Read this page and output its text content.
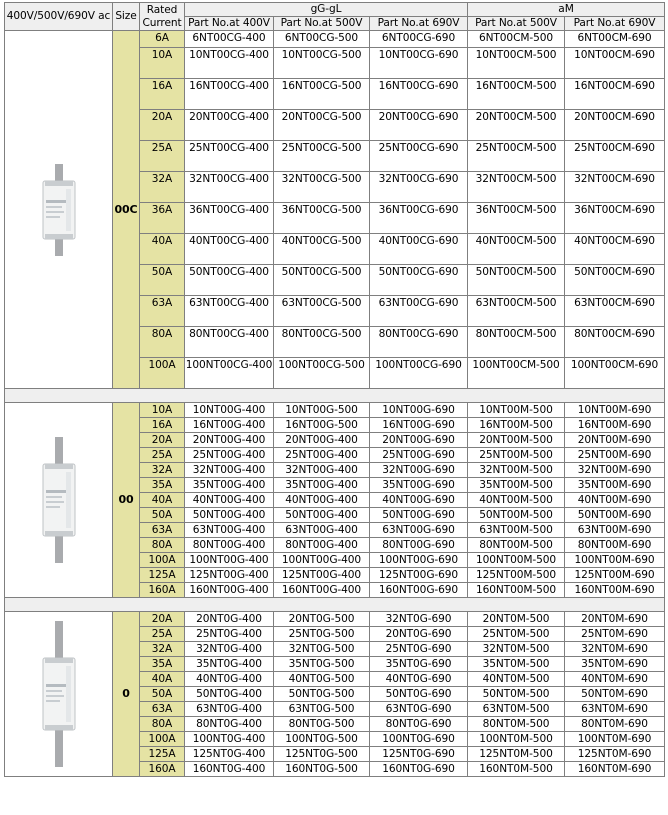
400V/500V/690V ac	Size	Rated Current	gG-gL			aM	
			Part No.at 400V	Part No.at 500V	Part No.at 690V	Part No.at 500V	Part No.at 690V

	00C	6A	6NT00CG-400	6NT00CG-500	6NT00CG-690	6NT00CM-500	6NT00CM-690
		10A	10NT00CG-400	10NT00CG-500	10NT00CG-690	10NT00CM-500	10NT00CM-690
		16A	16NT00CG-400	16NT00CG-500	16NT00CG-690	16NT00CM-500	16NT00CM-690
		20A	20NT00CG-400	20NT00CG-500	20NT00CG-690	20NT00CM-500	20NT00CM-690
		25A	25NT00CG-400	25NT00CG-500	25NT00CG-690	25NT00CM-500	25NT00CM-690
		32A	32NT00CG-400	32NT00CG-500	32NT00CG-690	32NT00CM-500	32NT00CM-690
		36A	36NT00CG-400	36NT00CG-500	36NT00CG-690	36NT00CM-500	36NT00CM-690
		40A	40NT00CG-400	40NT00CG-500	40NT00CG-690	40NT00CM-500	40NT00CM-690
		50A	50NT00CG-400	50NT00CG-500	50NT00CG-690	50NT00CM-500	50NT00CM-690
		63A	63NT00CG-400	63NT00CG-500	63NT00CG-690	63NT00CM-500	63NT00CM-690
		80A	80NT00CG-400	80NT00CG-500	80NT00CG-690	80NT00CM-500	80NT00CM-690
		100A	100NT00CG-400	100NT00CG-500	100NT00CG-690	100NT00CM-500	100NT00CM-690

	00	10A	10NT00G-400	10NT00G-500	10NT00G-690	10NT00M-500	10NT00M-690
		16A	16NT00G-400	16NT00G-500	16NT00G-690	16NT00M-500	16NT00M-690
		20A	20NT00G-400	20NT00G-400	20NT00G-690	20NT00M-500	20NT00M-690
		25A	25NT00G-400	25NT00G-400	25NT00G-690	25NT00M-500	25NT00M-690
		32A	32NT00G-400	32NT00G-400	32NT00G-690	32NT00M-500	32NT00M-690
		35A	35NT00G-400	35NT00G-400	35NT00G-690	35NT00M-500	35NT00M-690
		40A	40NT00G-400	40NT00G-400	40NT00G-690	40NT00M-500	40NT00M-690
		50A	50NT00G-400	50NT00G-400	50NT00G-690	50NT00M-500	50NT00M-690
		63A	63NT00G-400	63NT00G-400	63NT00G-690	63NT00M-500	63NT00M-690
		80A	80NT00G-400	80NT00G-400	80NT00G-690	80NT00M-500	80NT00M-690
		100A	100NT00G-400	100NT00G-400	100NT00G-690	100NT00M-500	100NT00M-690
		125A	125NT00G-400	125NT00G-400	125NT00G-690	125NT00M-500	125NT00M-690
		160A	160NT00G-400	160NT00G-400	160NT00G-690	160NT00M-500	160NT00M-690

	0	20A	20NT0G-400	20NT0G-500	32NT0G-690	20NT0M-500	20NT0M-690
		25A	25NT0G-400	25NT0G-500	20NT0G-690	25NT0M-500	25NT0M-690
		32A	32NT0G-400	32NT0G-500	25NT0G-690	32NT0M-500	32NT0M-690
		35A	35NT0G-400	35NT0G-500	35NT0G-690	35NT0M-500	35NT0M-690
		40A	40NT0G-400	40NT0G-500	40NT0G-690	40NT0M-500	40NT0M-690
		50A	50NT0G-400	50NT0G-500	50NT0G-690	50NT0M-500	50NT0M-690
		63A	63NT0G-400	63NT0G-500	63NT0G-690	63NT0M-500	63NT0M-690
		80A	80NT0G-400	80NT0G-500	80NT0G-690	80NT0M-500	80NT0M-690
		100A	100NT0G-400	100NT0G-500	100NT0G-690	100NT0M-500	100NT0M-690
		125A	125NT0G-400	125NT0G-500	125NT0G-690	125NT0M-500	125NT0M-690
		160A	160NT0G-400	160NT0G-500	160NT0G-690	160NT0M-500	160NT0M-690
